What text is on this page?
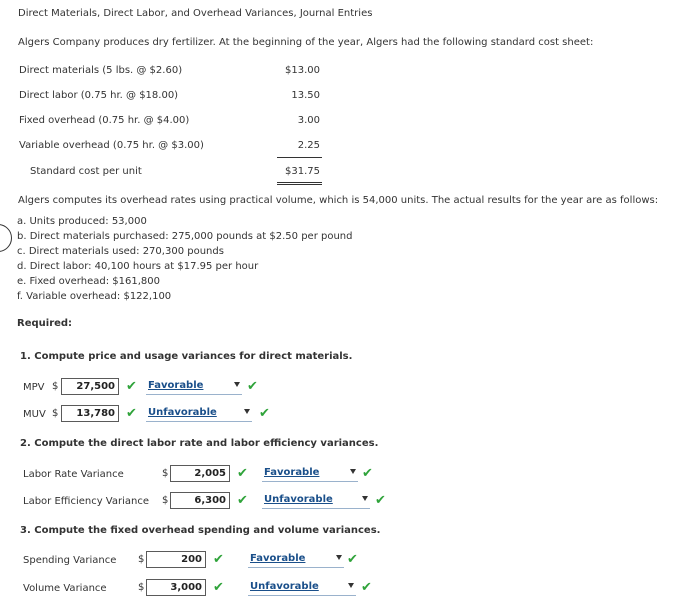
Direct Materials, Direct Labor, and Overhead Variances, Journal Entries
Algers Company produces dry fertilizer. At the beginning of the year, Algers had the following standard cost sheet:
Direct materials (5 lbs. @ $2.60)	$13.00
Direct labor (0.75 hr. @ $18.00)	13.50
Fixed overhead (0.75 hr. @ $4.00)	3.00
Variable overhead (0.75 hr. @ $3.00)	2.25
Standard cost per unit	$31.75
Algers computes its overhead rates using practical volume, which is 54,000 units. The actual results for the year are as follows:
a. Units produced: 53,000
b. Direct materials purchased: 275,000 pounds at $2.50 per pound
c. Direct materials used: 270,300 pounds
d. Direct labor: 40,100 hours at $17.95 per hour
e. Fixed overhead: $161,800
f. Variable overhead: $122,100
Required:
1. Compute price and usage variances for direct materials.
MPV $	27,500 ✔ Favorable	✔
MUV $	13,780 ✔ Unfavorable	✔
2. Compute the direct labor rate and labor efficiency variances.
Labor Rate Variance	$	2,005 ✔ Favorable	✔
Labor Efficiency Variance $	6,300 ✔ Unfavorable	✔
3. Compute the fixed overhead spending and volume variances.
Spending Variance $	200 ✔	Favorable	✔
Volume Variance	$	3,000 ✔	Unfavorable	✔
